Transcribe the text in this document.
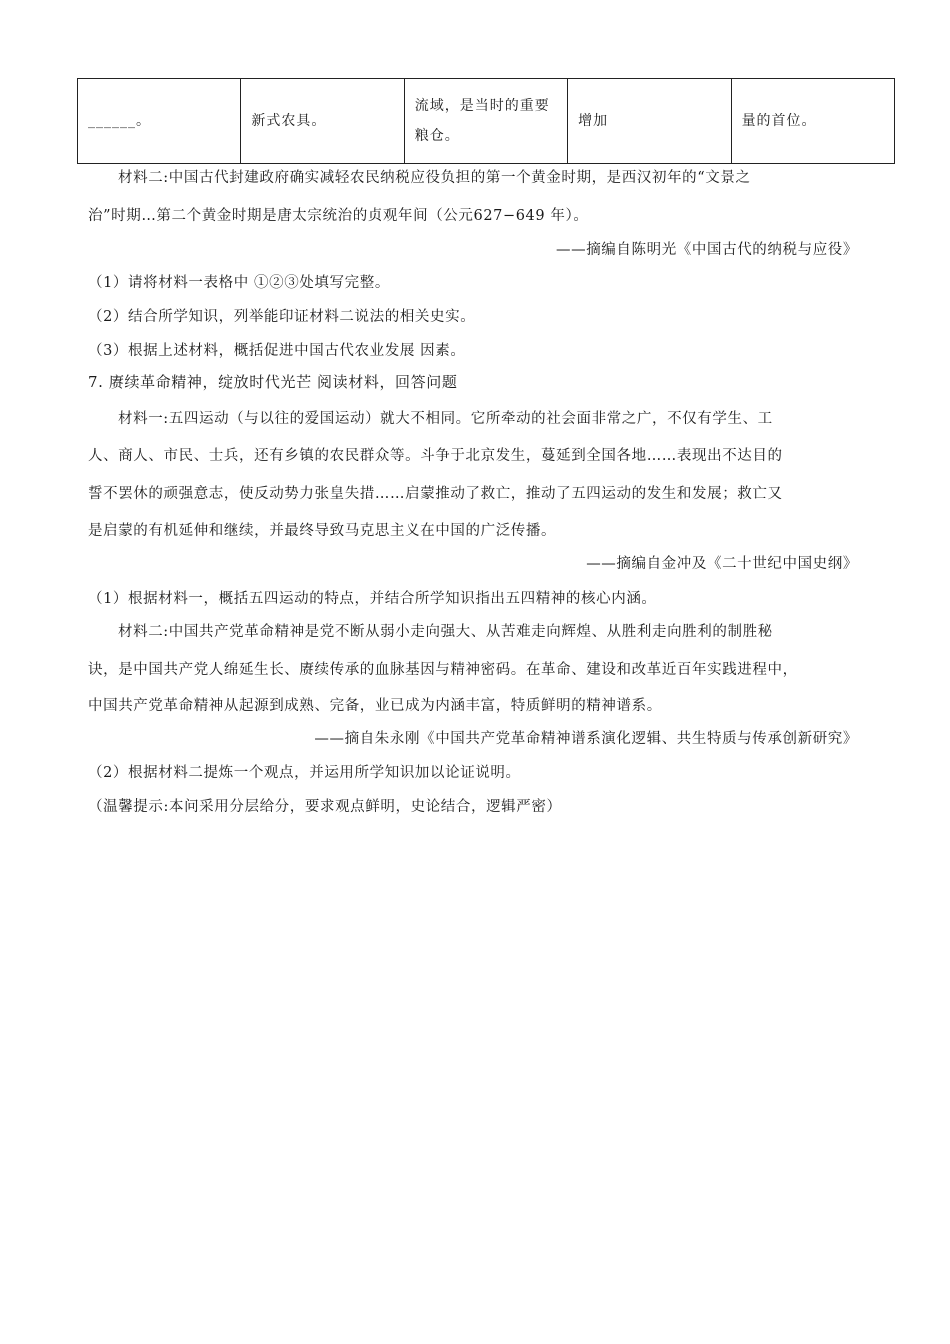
______。	新式农具。	流域，是当时的重要粮仓。	增加	量的首位。
材料二:中国古代封建政府确实减轻农民纳税应役负担的第一个黄金时期，是西汉初年的“文景之
治”时期…第二个黄金时期是唐太宗统治的贞观年间（公元627−649 年）。
——摘编自陈明光《中国古代的纳税与应役》
（1）请将材料一表格中 ①②③处填写完整。
（2）结合所学知识，列举能印证材料二说法的相关史实。
（3）根据上述材料，概括促进中国古代农业发展 因素。
7. 赓续革命精神，绽放时代光芒 阅读材料，回答问题
材料一:五四运动（与以往的爱国运动）就大不相同。它所牵动的社会面非常之广，不仅有学生、工
人、商人、市民、士兵，还有乡镇的农民群众等。斗争于北京发生，蔓延到全国各地……表现出不达目的
誓不罢休的顽强意志，使反动势力张皇失措……启蒙推动了救亡，推动了五四运动的发生和发展；救亡又
是启蒙的有机延伸和继续，并最终导致马克思主义在中国的广泛传播。
——摘编自金冲及《二十世纪中国史纲》
（1）根据材料一，概括五四运动的特点，并结合所学知识指出五四精神的核心内涵。
材料二:中国共产党革命精神是党不断从弱小走向强大、从苦难走向辉煌、从胜利走向胜利的制胜秘
诀，是中国共产党人绵延生长、赓续传承的血脉基因与精神密码。在革命、建设和改革近百年实践进程中，
中国共产党革命精神从起源到成熟、完备，业已成为内涵丰富，特质鲜明的精神谱系。
——摘自朱永刚《中国共产党革命精神谱系演化逻辑、共生特质与传承创新研究》
（2）根据材料二提炼一个观点，并运用所学知识加以论证说明。
（温馨提示:本问采用分层给分，要求观点鲜明，史论结合，逻辑严密）
